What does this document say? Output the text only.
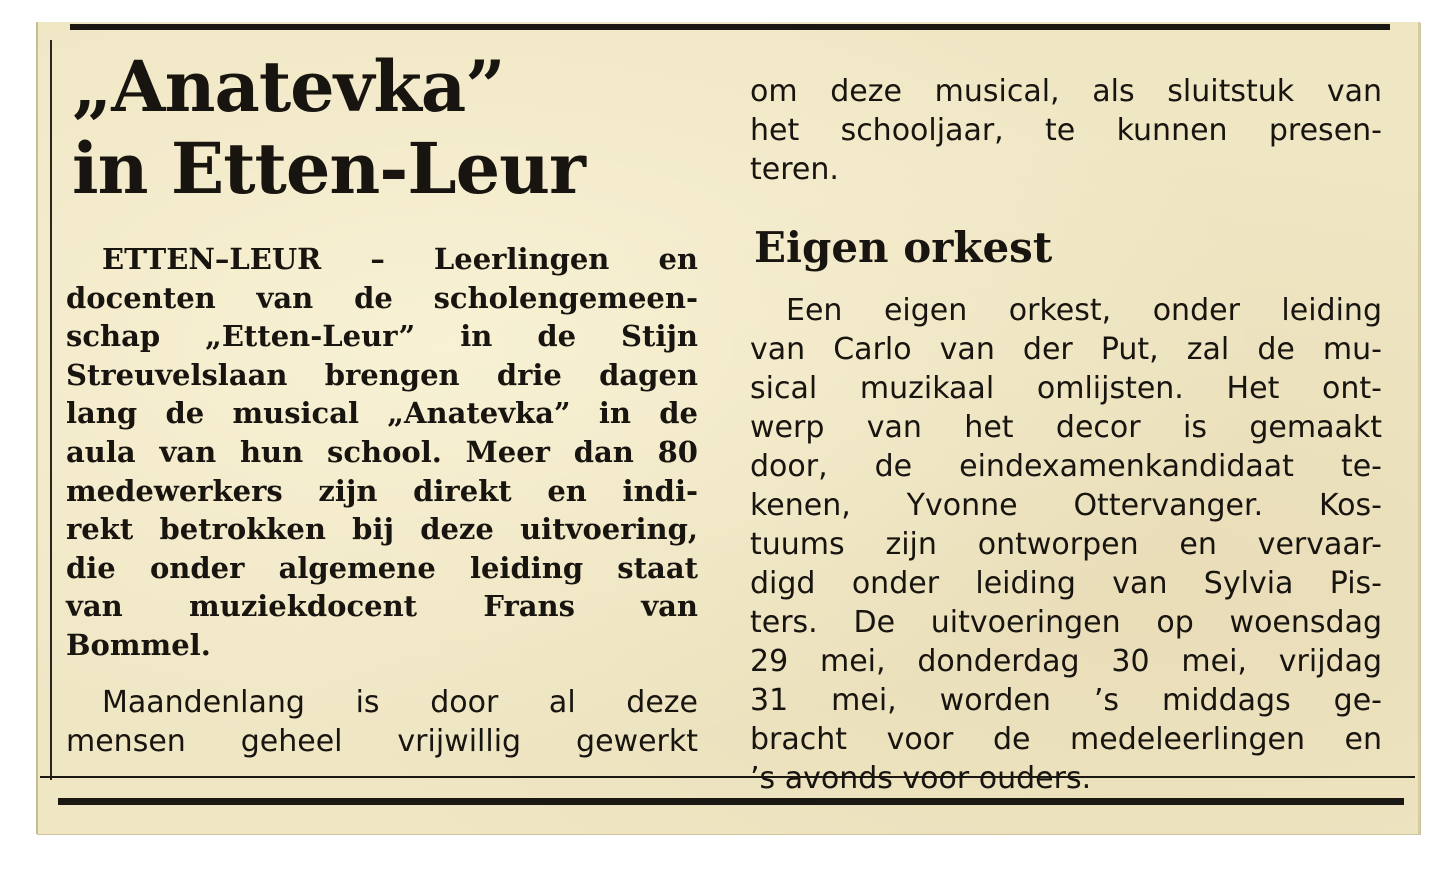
„Anatevka”
in Etten-Leur
ETTEN–LEUR – Leerlingen en
docenten van de scholengemeen-
schap „Etten-Leur” in de Stijn
Streuvelslaan brengen drie dagen
lang de musical „Anatevka” in de
aula van hun school. Meer dan 80
medewerkers zijn direkt en indi-
rekt betrokken bij deze uitvoering,
die onder algemene leiding staat
van muziekdocent Frans van
Bommel.
Maandenlang is door al deze
mensen geheel vrijwillig gewerkt
om deze musical, als sluitstuk van
het schooljaar, te kunnen presen-
teren.
Eigen orkest
Een eigen orkest, onder leiding
van Carlo van der Put, zal de mu-
sical muzikaal omlijsten. Het ont-
werp van het decor is gemaakt
door, de eindexamenkandidaat te-
kenen, Yvonne Ottervanger. Kos-
tuums zijn ontworpen en vervaar-
digd onder leiding van Sylvia Pis-
ters. De uitvoeringen op woensdag
29 mei, donderdag 30 mei, vrijdag
31 mei, worden ’s middags ge-
bracht voor de medeleerlingen en
’s avonds voor ouders.
